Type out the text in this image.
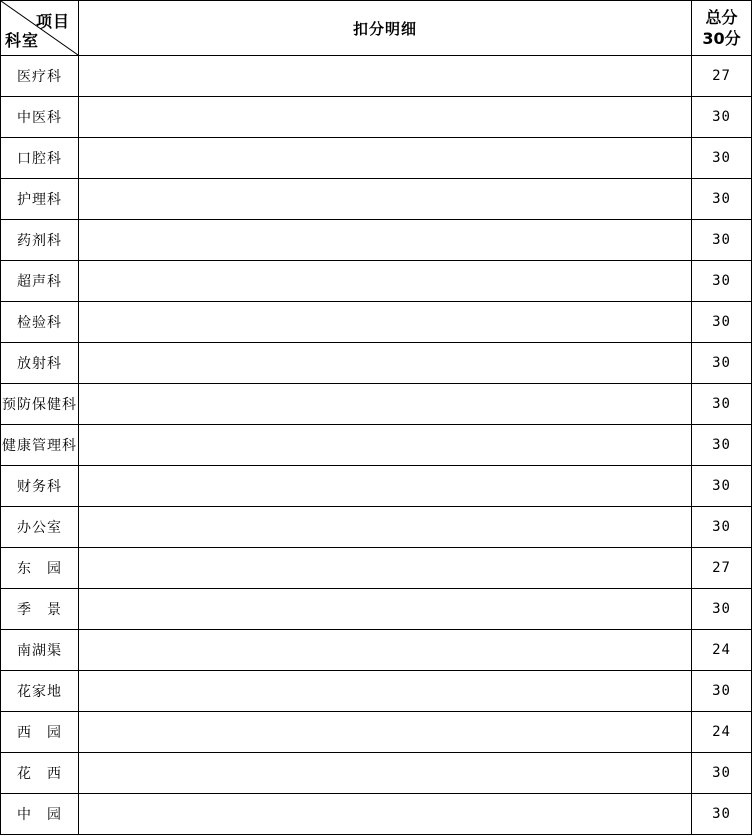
项目
科室	扣分明细	总分
30分

医疗科		27
中医科		30
口腔科		30
护理科		30
药剂科		30
超声科		30
检验科		30
放射科		30
预防保健科		30
健康管理科		30
财务科		30
办公室		30
东　园		27
季　景		30
南湖渠		24
花家地		30
西　园		24
花　西		30
中　园		30
